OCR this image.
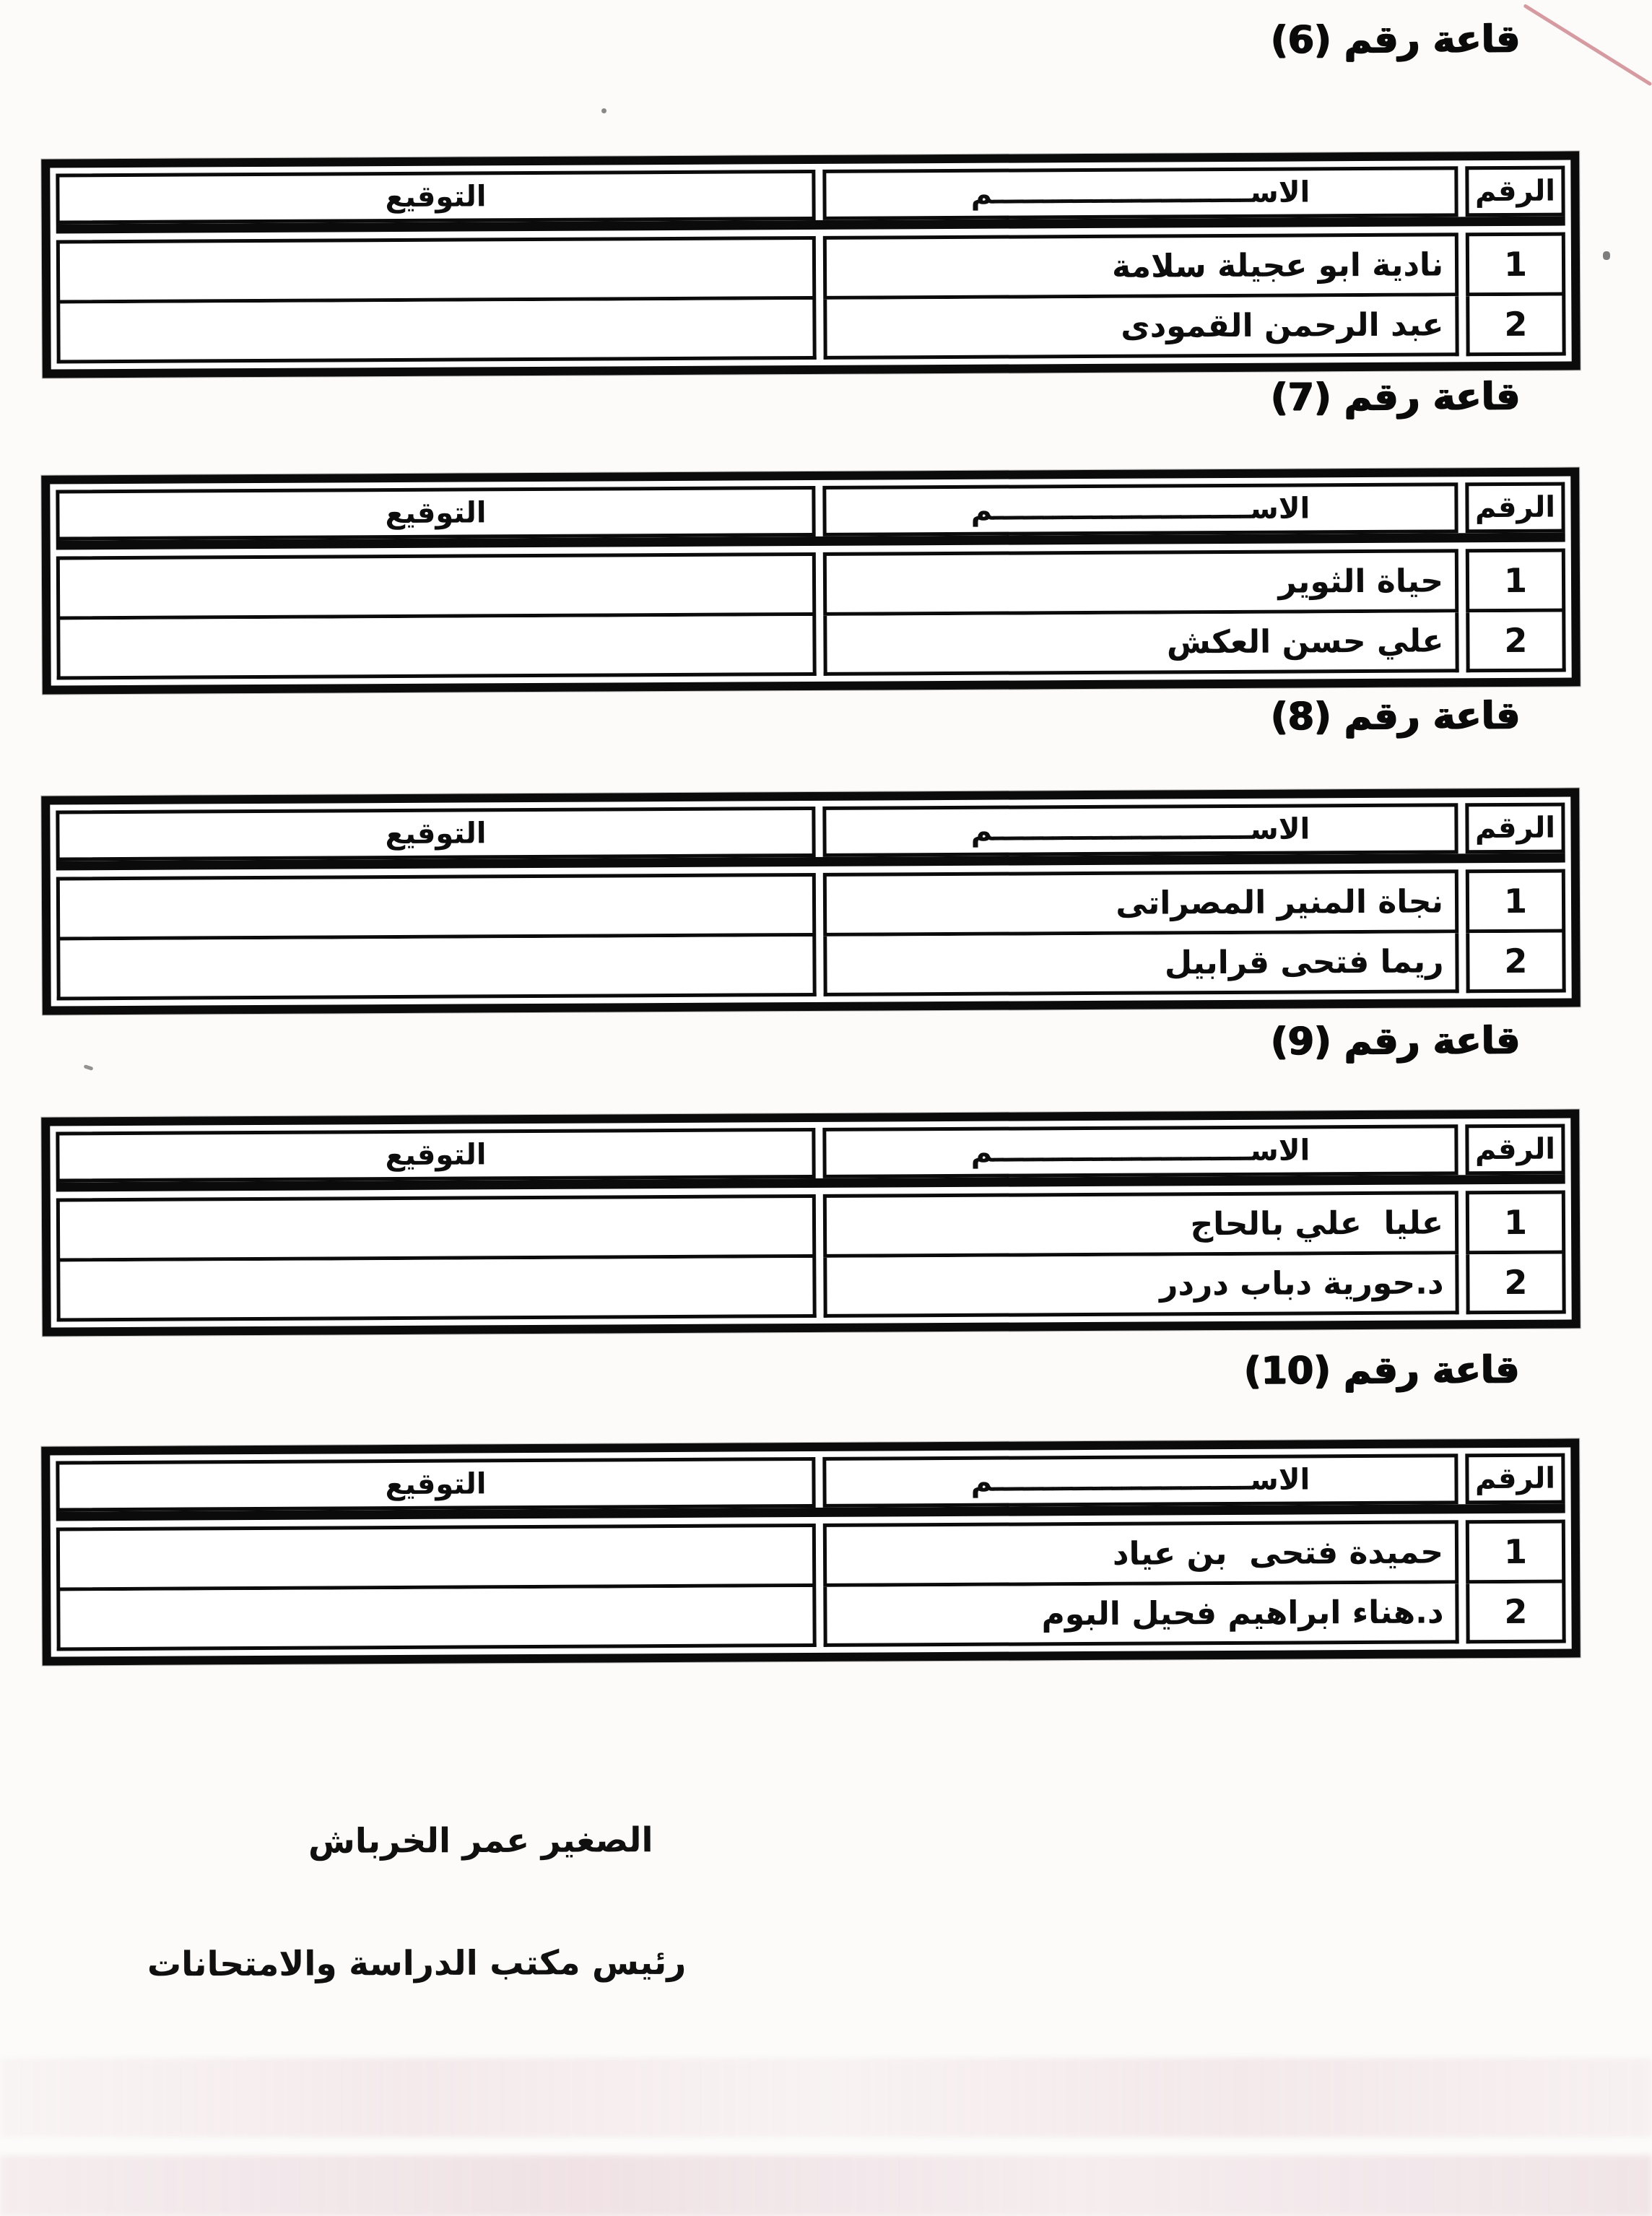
قاعة رقم (6)
الرقم
الاســــــــــــــــــــــــــم
التوقيع
1
نادية ابو عجيلة سلامة
2
عبد الرحمن القمودى
قاعة رقم (7)
الرقم
الاســــــــــــــــــــــــــم
التوقيع
1
حياة الثوير
2
علي حسن العكش
قاعة رقم (8)
الرقم
الاســــــــــــــــــــــــــم
التوقيع
1
نجاة المنير المصراتى
2
ريما فتحى قرابيل
قاعة رقم (9)
الرقم
الاســــــــــــــــــــــــــم
التوقيع
1
عليا  علي بالحاج
2
د.حورية دباب دردر
قاعة رقم (10)
الرقم
الاســــــــــــــــــــــــــم
التوقيع
1
حميدة فتحى  بن عياد
2
د.هناء ابراهيم فحيل البوم
الصغير عمر الخرباش
رئيس مكتب الدراسة والامتحانات
